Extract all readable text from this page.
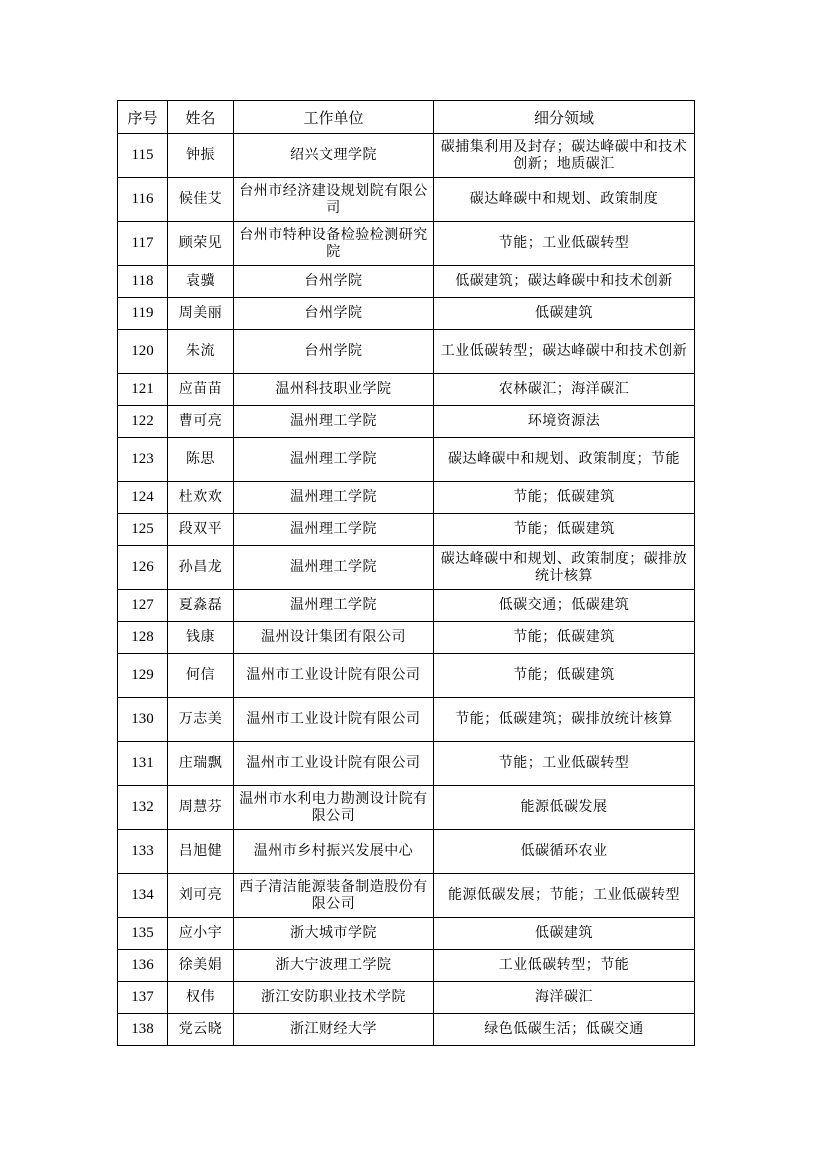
序号	姓名	工作单位	细分领域
115	钟振	绍兴文理学院	碳捕集利用及封存；碳达峰碳中和技术创新；地质碳汇
116	候佳艾	台州市经济建设规划院有限公司	碳达峰碳中和规划、政策制度
117	顾荣见	台州市特种设备检验检测研究院	节能；工业低碳转型
118	袁骥	台州学院	低碳建筑；碳达峰碳中和技术创新
119	周美丽	台州学院	低碳建筑
120	朱流	台州学院	工业低碳转型；碳达峰碳中和技术创新
121	应苗苗	温州科技职业学院	农林碳汇；海洋碳汇
122	曹可亮	温州理工学院	环境资源法
123	陈思	温州理工学院	碳达峰碳中和规划、政策制度；节能
124	杜欢欢	温州理工学院	节能；低碳建筑
125	段双平	温州理工学院	节能；低碳建筑
126	孙昌龙	温州理工学院	碳达峰碳中和规划、政策制度；碳排放统计核算
127	夏淼磊	温州理工学院	低碳交通；低碳建筑
128	钱康	温州设计集团有限公司	节能；低碳建筑
129	何信	温州市工业设计院有限公司	节能；低碳建筑
130	万志美	温州市工业设计院有限公司	节能；低碳建筑；碳排放统计核算
131	庄瑞飘	温州市工业设计院有限公司	节能；工业低碳转型
132	周慧芬	温州市水利电力勘测设计院有限公司	能源低碳发展
133	吕旭健	温州市乡村振兴发展中心	低碳循环农业
134	刘可亮	西子清洁能源装备制造股份有限公司	能源低碳发展；节能；工业低碳转型
135	应小宇	浙大城市学院	低碳建筑
136	徐美娟	浙大宁波理工学院	工业低碳转型；节能
137	权伟	浙江安防职业技术学院	海洋碳汇
138	党云晓	浙江财经大学	绿色低碳生活；低碳交通
